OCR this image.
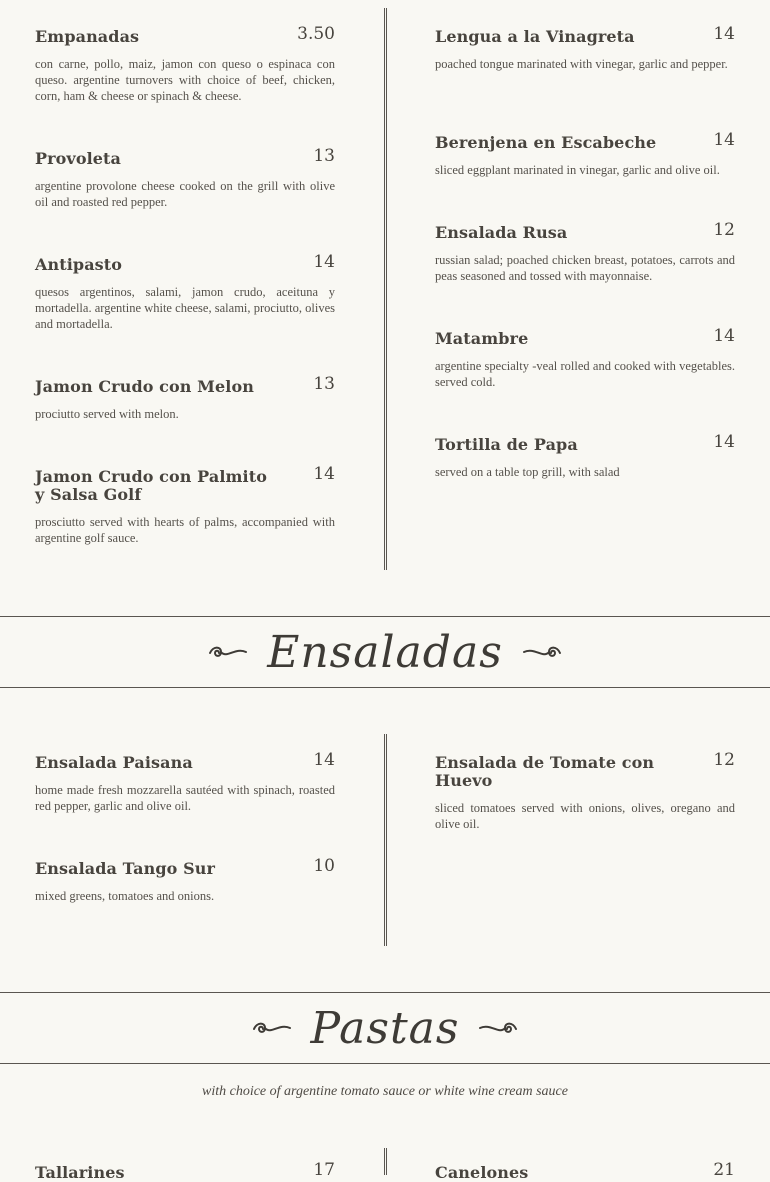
Empanadas	3.50
con carne, pollo, maiz, jamon con queso o espinaca con queso. argentine turnovers with choice of beef, chicken, corn, ham & cheese or spinach & cheese.
Provoleta	13
argentine provolone cheese cooked on the grill with olive oil and roasted red pepper.
Antipasto	14
quesos argentinos, salami, jamon crudo, aceituna y mortadella. argentine white cheese, salami, prociutto, olives and mortadella.
Jamon Crudo con Melon	13
prociutto served with melon.
Jamon Crudo con Palmito y Salsa Golf
14
prosciutto served with hearts of palms, accompanied with argentine golf sauce.
Lengua a la Vinagreta	14
poached tongue marinated with vinegar, garlic and pepper.
Berenjena en Escabeche	14
sliced eggplant marinated in vinegar, garlic and olive oil.
Ensalada Rusa	12
russian salad; poached chicken breast, potatoes, carrots and peas seasoned and tossed with mayonnaise.
Matambre	14
argentine specialty -veal rolled and cooked with vegetables. served cold.
Tortilla de Papa	14
served on a table top grill, with salad
Ensaladas
Ensalada Paisana	14
home made fresh mozzarella sautéed with spinach, roasted red pepper, garlic and olive oil.
Ensalada Tango Sur	10
mixed greens, tomatoes and onions.
Ensalada de Tomate con Huevo
12
sliced tomatoes served with onions, olives, oregano and olive oil.
Pastas
with choice of argentine tomato sauce or white wine cream sauce
Tallarines	17	Canelones	21
